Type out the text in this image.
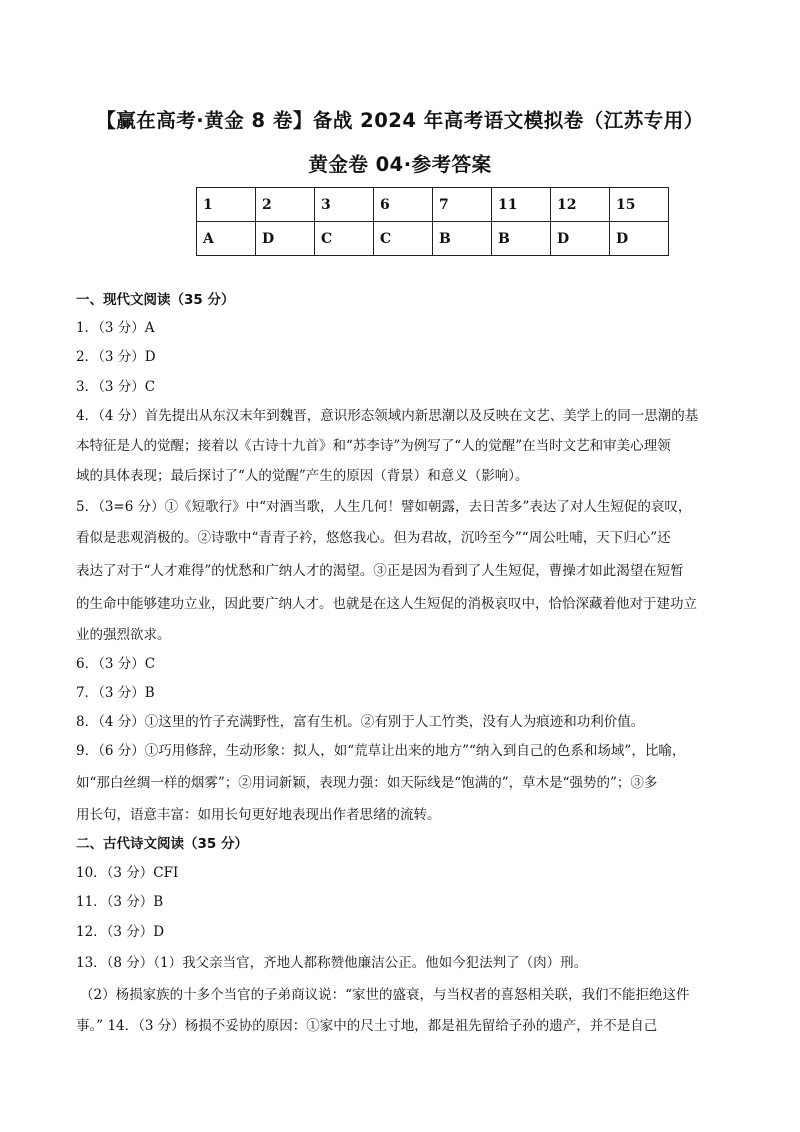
【赢在高考·黄金 8 卷】备战 2024 年高考语文模拟卷（江苏专用）
黄金卷 04·参考答案
1	2	3	6	7	11	12	15
A	D	C	C	B	B	D	D
一、现代文阅读（35 分）
1．（3 分）A
2．（3 分）D
3．（3 分）C
4．（4 分）首先提出从东汉末年到魏晋，意识形态领域内新思潮以及反映在文艺、美学上的同一思潮的基
本特征是人的觉醒；接着以《古诗十九首》和“苏李诗”为例写了“人的觉醒”在当时文艺和审美心理领
域的具体表现；最后探讨了“人的觉醒”产生的原因（背景）和意义（影响）。
5．（3=6 分）①《短歌行》中“对酒当歌，人生几何！譬如朝露，去日苦多”表达了对人生短促的哀叹，
看似是悲观消极的。②诗歌中“青青子衿，悠悠我心。但为君故，沉吟至今”“周公吐哺，天下归心”还
表达了对于“人才难得”的忧愁和广纳人才的渴望。③正是因为看到了人生短促，曹操才如此渴望在短暂
的生命中能够建功立业，因此要广纳人才。也就是在这人生短促的消极哀叹中，恰恰深藏着他对于建功立
业的强烈欲求。
6．（3 分）C
7．（3 分）B
8．（4 分）①这里的竹子充满野性，富有生机。②有别于人工竹类，没有人为痕迹和功利价值。
9．（6 分）①巧用修辞，生动形象：拟人，如“荒草让出来的地方”“纳入到自己的色系和场域”，比喻，
如“那白丝绸一样的烟雾”；②用词新颖，表现力强：如天际线是“饱满的”，草木是“强势的”；③多
用长句，语意丰富：如用长句更好地表现出作者思绪的流转。
二、古代诗文阅读（35 分）
10．（3 分）CFI
11．（3 分）B
12．（3 分）D
13．（8 分）（1）我父亲当官，齐地人都称赞他廉洁公正。他如今犯法判了（肉）刑。
（2）杨损家族的十多个当官的子弟商议说：“家世的盛衰，与当权者的喜怒相关联，我们不能拒绝这件
事。” 14．（3 分）杨损不妥协的原因：①家中的尺土寸地，都是祖先留给子孙的遗产，并不是自己
